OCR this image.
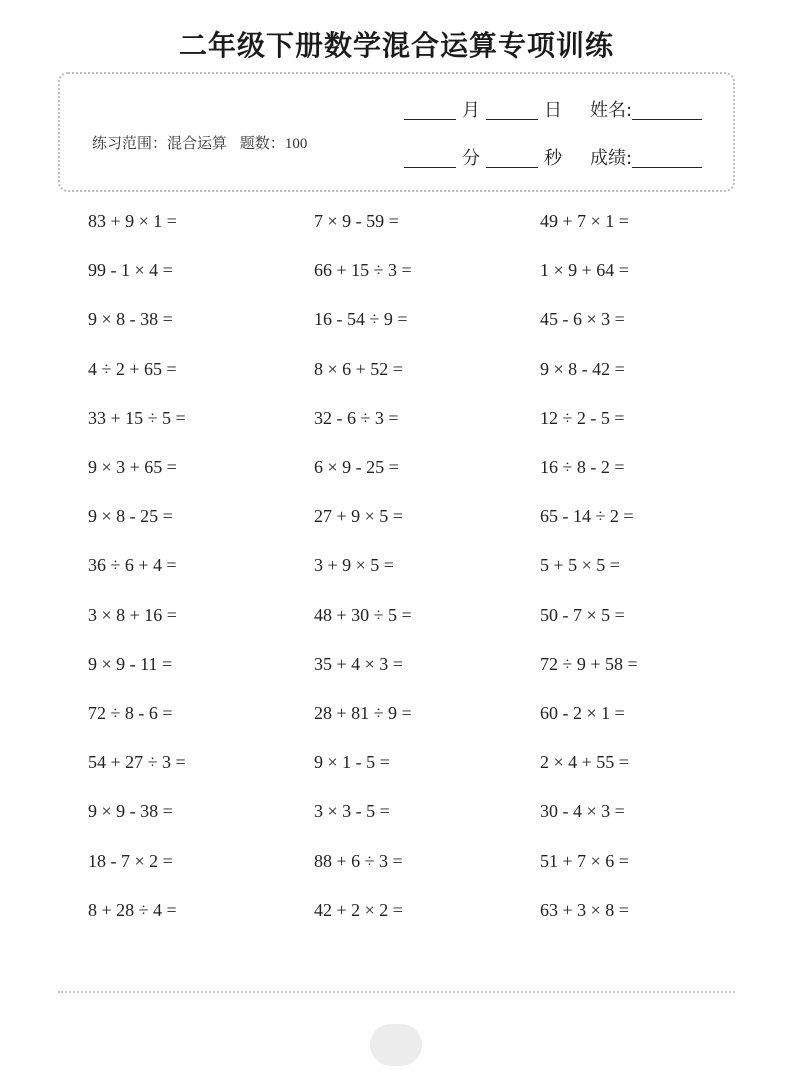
二年级下册数学混合运算专项训练
练习范围：混合运算 题数：100
月	日 姓名:
分	秒 成绩:
83 + 9 × 1 =	7 × 9 - 59 =	49 + 7 × 1 =
99 - 1 × 4 =	66 + 15 ÷ 3 =	1 × 9 + 64 =
9 × 8 - 38 =	16 - 54 ÷ 9 =	45 - 6 × 3 =
4 ÷ 2 + 65 =	8 × 6 + 52 =	9 × 8 - 42 =
33 + 15 ÷ 5 =	32 - 6 ÷ 3 =	12 ÷ 2 - 5 =
9 × 3 + 65 =	6 × 9 - 25 =	16 ÷ 8 - 2 =
9 × 8 - 25 =	27 + 9 × 5 =	65 - 14 ÷ 2 =
36 ÷ 6 + 4 =	3 + 9 × 5 =	5 + 5 × 5 =
3 × 8 + 16 =	48 + 30 ÷ 5 =	50 - 7 × 5 =
9 × 9 - 11 =	35 + 4 × 3 =	72 ÷ 9 + 58 =
72 ÷ 8 - 6 =	28 + 81 ÷ 9 =	60 - 2 × 1 =
54 + 27 ÷ 3 =	9 × 1 - 5 =	2 × 4 + 55 =
9 × 9 - 38 =	3 × 3 - 5 =	30 - 4 × 3 =
18 - 7 × 2 =	88 + 6 ÷ 3 =	51 + 7 × 6 =
8 + 28 ÷ 4 =	42 + 2 × 2 =	63 + 3 × 8 =
